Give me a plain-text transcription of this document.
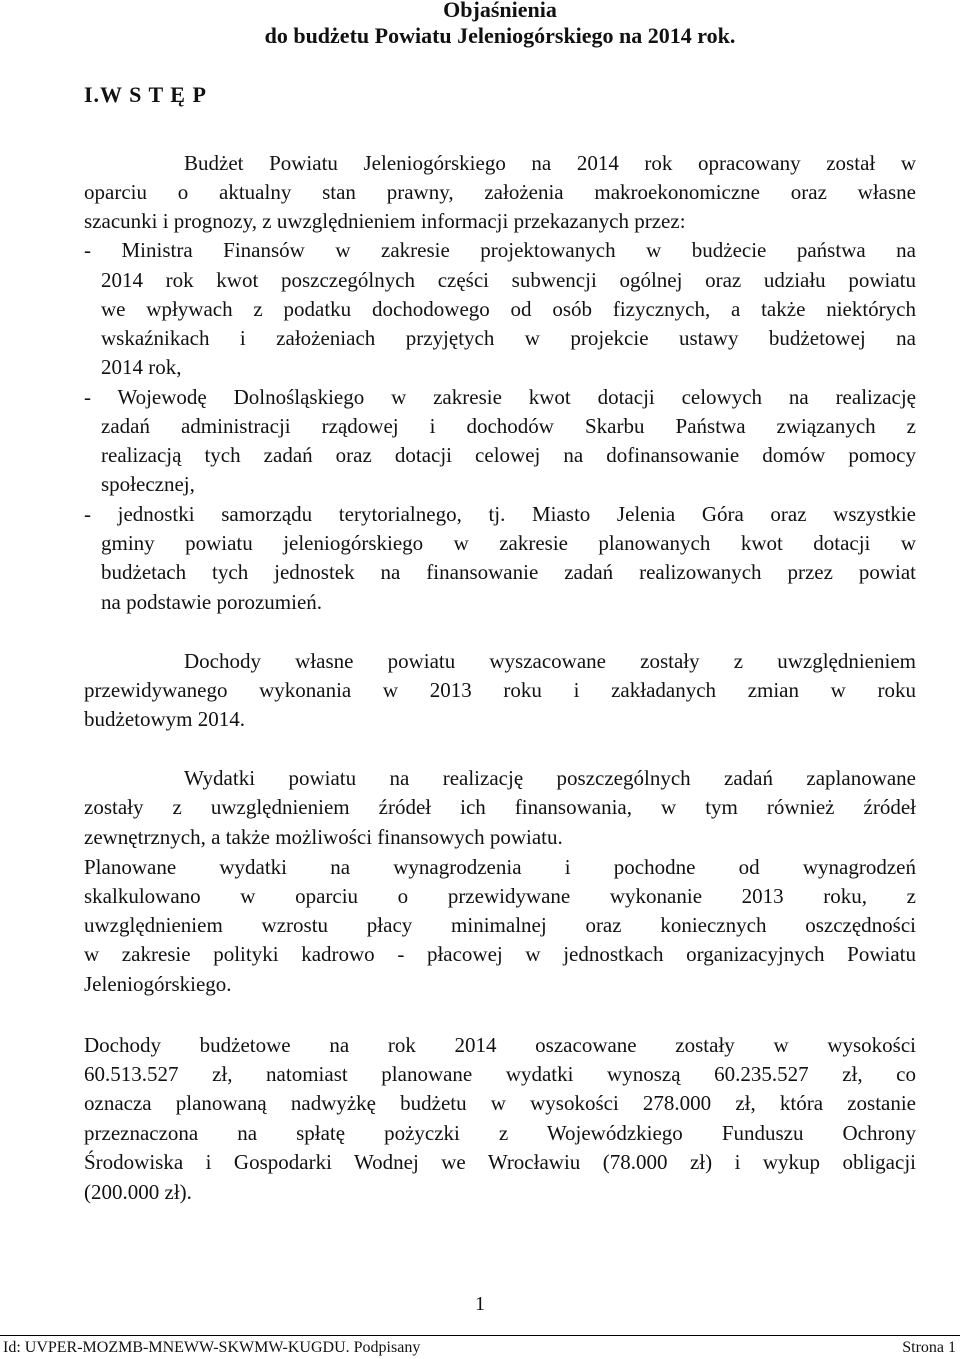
Objaśnienia
do budżetu Powiatu Jeleniogórskiego na 2014 rok.
I.W S T Ę P
Budżet Powiatu Jeleniogórskiego na 2014 rok opracowany został w
oparciu o aktualny stan prawny, założenia makroekonomiczne oraz własne
szacunki i prognozy, z uwzględnieniem informacji przekazanych przez:
- Ministra Finansów w zakresie projektowanych w budżecie państwa na
2014 rok kwot poszczególnych części subwencji ogólnej oraz udziału powiatu
we wpływach z podatku dochodowego od osób fizycznych, a także niektórych
wskaźnikach i założeniach przyjętych w projekcie ustawy budżetowej na
2014 rok,
- Wojewodę Dolnośląskiego w zakresie kwot dotacji celowych na realizację
zadań administracji rządowej i dochodów Skarbu Państwa związanych z
realizacją tych zadań oraz dotacji celowej na dofinansowanie domów pomocy
społecznej,
- jednostki samorządu terytorialnego, tj. Miasto Jelenia Góra oraz wszystkie
gminy powiatu jeleniogórskiego w zakresie planowanych kwot dotacji w
budżetach tych jednostek na finansowanie zadań realizowanych przez powiat
na podstawie porozumień.
Dochody własne powiatu wyszacowane zostały z uwzględnieniem
przewidywanego wykonania w 2013 roku i zakładanych zmian w roku
budżetowym 2014.
Wydatki powiatu na realizację poszczególnych zadań zaplanowane
zostały z uwzględnieniem źródeł ich finansowania, w tym również źródeł
zewnętrznych, a także możliwości finansowych powiatu.
Planowane wydatki na wynagrodzenia i pochodne od wynagrodzeń
skalkulowano w oparciu o przewidywane wykonanie 2013 roku, z
uwzględnieniem wzrostu płacy minimalnej oraz koniecznych oszczędności
w zakresie polityki kadrowo - płacowej w jednostkach organizacyjnych Powiatu
Jeleniogórskiego.
Dochody budżetowe na rok 2014 oszacowane zostały w wysokości
60.513.527 zł, natomiast planowane wydatki wynoszą 60.235.527 zł, co
oznacza planowaną nadwyżkę budżetu w wysokości 278.000 zł, która zostanie
przeznaczona na spłatę pożyczki z Wojewódzkiego Funduszu Ochrony
Środowiska i Gospodarki Wodnej we Wrocławiu (78.000 zł) i wykup obligacji
(200.000 zł).
1
Id: UVPER-MOZMB-MNEWW-SKWMW-KUGDU. Podpisany	Strona 1
